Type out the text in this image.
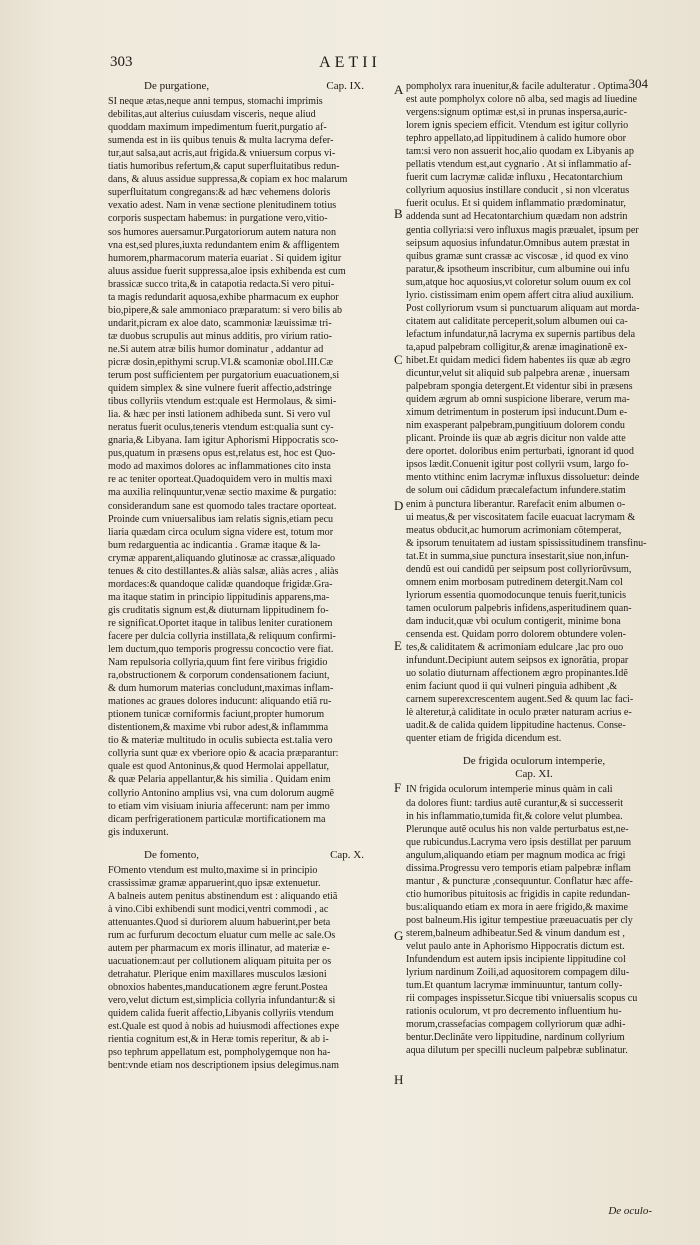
303	AETII
304
A
B
C
D
E
F
G
H
De purgatione,	Cap. IX.
SI neque ætas,neque anni tempus, stomachi imprimis
debilitas,aut alterius cuiusdam visceris, neque aliud
quoddam maximum impedimentum fuerit,purgatio af-
sumenda est in iis quibus tenuis & multa lacryma defer-
tur,aut salsa,aut acris,aut frigida.& vniuersum corpus vi-
tiatis humoribus refertum,& caput superfluitatibus redun-
dans, & aluus assidue suppressa,& copiam ex hoc malarum
superfluitatum congregans:& ad hæc vehemens doloris
vexatio adest. Nam in venæ sectione plenitudinem totius
corporis suspectam habemus: in purgatione vero,vitio-
sos humores auersamur.Purgatoriorum autem natura non
vna est,sed plures,iuxta redundantem enim & affligentem
humorem,pharmacorum materia euariat . Si quidem igitur
aluus assidue fuerit suppressa,aloe ipsis exhibenda est cum
brassicæ succo trita,& in catapotia redacta.Si vero pitui-
ta magis redundarit aquosa,exhibe pharmacum ex euphor
bio,pipere,& sale ammoniaco præparatum: si vero bilis ab
undarit,picram ex aloe dato, scammoniæ læuissimæ tri-
tæ duobus scrupulis aut minus additis, pro virium ratio-
ne.Si autem atræ bilis humor dominatur , addantur ad
picræ dosin,epithymi scrup.VI.& scamoniæ obol.III.Cæ
terum post sufficientem per purgatorium euacuationem,si
quidem simplex & sine vulnere fuerit affectio,adstringe
tibus collyriis vtendum est:quale est Hermolaus, & simi-
lia. & hæc per insti lationem adhibeda sunt. Si vero vul
neratus fuerit oculus,teneris vtendum est:qualia sunt cy-
gnaria,& Libyana. Iam igitur Aphorismi Hippocratis sco-
pus,quatum in præsens opus est,relatus est, hoc est Quo-
modo ad maximos dolores ac inflammationes cito insta
re ac teniter oporteat.Quadoquidem vero in multis maxi
ma auxilia relinquuntur,venæ sectio maxime & purgatio:
considerandum sane est quomodo tales tractare oporteat.
Proinde cum vniuersalibus iam relatis signis,etiam pecu
liaria quædam circa oculum signa videre est, totum mor
bum redarguentia ac indicantia . Gramæ itaque & la-
crymæ apparent,aliquando glutinosæ ac crassæ,aliquado
tenues & cito destillantes.& aliàs salsæ, aliàs acres , aliàs
mordaces:& quandoque calidæ quandoque frigidæ.Gra-
ma itaque statim in principio lippitudinis apparens,ma-
gis cruditatis signum est,& diuturnam lippitudinem fo-
re significat.Oportet itaque in talibus leniter curationem
facere per dulcia collyria instillata,& reliquum confirmi-
lem ductum,quo temporis progressu concoctio vere fiat.
Nam repulsoria collyria,quum fint fere viribus frigidio
ra,obstructionem & corporum condensationem faciunt,
& dum humorum materias concludunt,maximas inflam-
mationes ac graues dolores inducunt: aliquando etiã ru-
ptionem tunicæ corniformis faciunt,propter humorum
distentionem,& maxime vbi rubor adest,& inflammma
tio & materiæ multitudo in oculis subiecta est.talia vero
collyria sunt quæ ex vberiore opio & acacia præparantur:
quale est quod Antoninus,& quod Hermolai appellatur,
& quæ Pelaria appellantur,& his similia . Quidam enim
collyrio Antonino amplius vsi, vna cum dolorum augmẽ
to etiam vim visiuam iniuria affecerunt: nam per immo
dicam perfrigerationem particulæ mortificationem ma
gis induxerunt.
De fomento,	Cap. X.
FOmento vtendum est multo,maxime si in principio
crassissimæ gramæ apparuerint,quo ipsæ extenuetur.
A balneis autem penitus abstinendum est : aliquando etiã
à vino.Cibi exhibendi sunt modici,ventri commodi , ac
attenuantes.Quod si duriorem aluum habuerint,per beta
rum ac furfurum decoctum eluatur cum melle ac sale.Os
autem per pharmacum ex moris illinatur, ad materiæ e-
uacuationem:aut per collutionem aliquam pituita per os
detrahatur. Plerique enim maxillares musculos læsioni
obnoxios habentes,manducationem ægre ferunt.Postea
vero,velut dictum est,simplicia collyria infundantur:& si
quidem calida fuerit affectio,Libyanis collyriis vtendum
est.Quale est quod à nobis ad huiusmodi affectiones expe
rientia cognitum est,& in Heræ tomis reperitur, & ab i-
pso tephrum appellatum est, pompholygemque non ha-
bent:vnde etiam nos descriptionem ipsius delegimus.nam
pompholyx rara inuenitur,& facile adulteratur . Optima
est aute pompholyx colore nõ alba, sed magis ad liuedine
vergens:signum optimæ est,si in prunas inspersa,auric-
lorem ignis speciem efficit. Vtendum est igitur collyrio
tephro appellato,ad lippitudinem à calido humore obor
tam:si vero non assuerit hoc,alio quodam ex Libyanis ap
pellatis vtendum est,aut cygnario . At si inflammatio af-
fuerit cum lacrymæ calidæ influxu , Hecatontarchium
collyrium aquosius instillare conducit , si non vlceratus
fuerit oculus. Et si quidem inflammatio prædominatur,
addenda sunt ad Hecatontarchium quædam non adstrin
gentia collyria:si vero influxus magis præualet, ipsum per
seipsum aquosius infundatur.Omnibus autem præstat in
quibus gramæ sunt crassæ ac viscosæ , id quod ex vino
paratur,& ipsotheum inscribitur, cum albumine oui infu
sum,atque hoc aquosius,vt coloretur solum ouum ex col
lyrio. cistissimam enim opem affert citra aliud auxilium.
Post collyriorum vsum si punctuarum aliquam aut morda-
citatem aut caliditate perceperit,solum albumen oui ca-
lefactum infundatur,nã lacryma ex supernis partibus dela
ta,apud palpebram colligitur,& arenæ imaginationẽ ex-
hibet.Et quidam medici fidem habentes iis quæ ab ægro
dicuntur,velut sit aliquid sub palpebra arenæ , inuersam
palpebram spongia detergent.Et videntur sibi in præsens
quidem ægrum ab omni suspicione liberare, verum ma-
ximum detrimentum in posterum ipsi inducunt.Dum e-
nim exasperant palpebram,pungitiuum dolorem condu
plicant. Proinde iis quæ ab ægris dicitur non valde atte
dere oportet. doloribus enim perturbati, ignorant id quod
ipsos lædit.Conuenit igitur post collyrii vsum, largo fo-
mento vtithinc enim lacrymæ influxus dissoluetur: deinde
de solum oui cãdidum præcalefactum infundere.statim
enim à punctura liberantur. Rarefacit enim albumen o-
ui meatus,& per viscositatem facile euacuat lacrymam &
meatus obducit,ac humorum acrimoniam cõtemperat,
& ipsorum tenuitatem ad iustam spississitudinem transfinu-
tat.Et in summa,siue punctura insestarit,siue non,infun-
dendũ est oui candidũ per seipsum post collyriorũvsum,
omnem enim morbosam putredinem detergit.Nam col
lyriorum essentia quomodocunque tenuis fuerit,tunicis
tamen oculorum palpebris infidens,asperitudinem quan-
dam inducit,quæ vbi oculum contigerit, minime bona
censenda est. Quidam porro dolorem obtundere volen-
tes,& caliditatem & acrimoniam edulcare ,lac pro ouo
infundunt.Decipiunt autem seipsos ex ignorãtia, propar
uo solatio diuturnam affectionem ægro propinantes.Idẽ
enim faciunt quod ii qui vulneri pinguia adhibent ,&
carnem superexcrescentem augent.Sed & quum lac faci-
lè alteretur,à caliditate in oculo præter naturam acrius e-
uadit.& de calida quidem lippitudine hactenus. Conse-
quenter etiam de frigida dicendum est.
De frigida oculorum intemperie,
Cap. XI.
IN frigida oculorum intemperie minus quàm in cali
da dolores fiunt: tardius autẽ curantur,& si successerit
in his inflammatio,tumida fit,& colore velut plumbea.
Plerunque autẽ oculus his non valde perturbatus est,ne-
que rubicundus.Lacryma vero ipsis destillat per paruum
angulum,aliquando etiam per magnum modica ac frigi
dissima.Progressu vero temporis etiam palpebræ inflam
mantur , & puncturæ ,consequuntur. Conflatur hæc affe-
ctio humoribus pituitosis ac frigidis in capite redundan-
bus:aliquando etiam ex mora in aere frigido,& maxime
post balneum.His igitur tempestiue præeuacuatis per cly
sterem,balneum adhibeatur.Sed & vinum dandum est ,
velut paulo ante in Aphorismo Hippocratis dictum est.
Infundendum est autem ipsis incipiente lippitudine col
lyrium nardinum Zoili,ad aquositorem compagem dilu-
tum.Et quantum lacrymæ imminuuntur, tantum colly-
rii compages inspissetur.Sicque tibi vniuersalis scopus cu
rationis oculorum, vt pro decremento influentium hu-
morum,crassefacias compagem collyriorum quæ adhi-
bentur.Declinãte vero lippitudine, nardinum collyrium
aqua dilutum per specilli nucleum palpebræ sublinatur.
De oculo-
